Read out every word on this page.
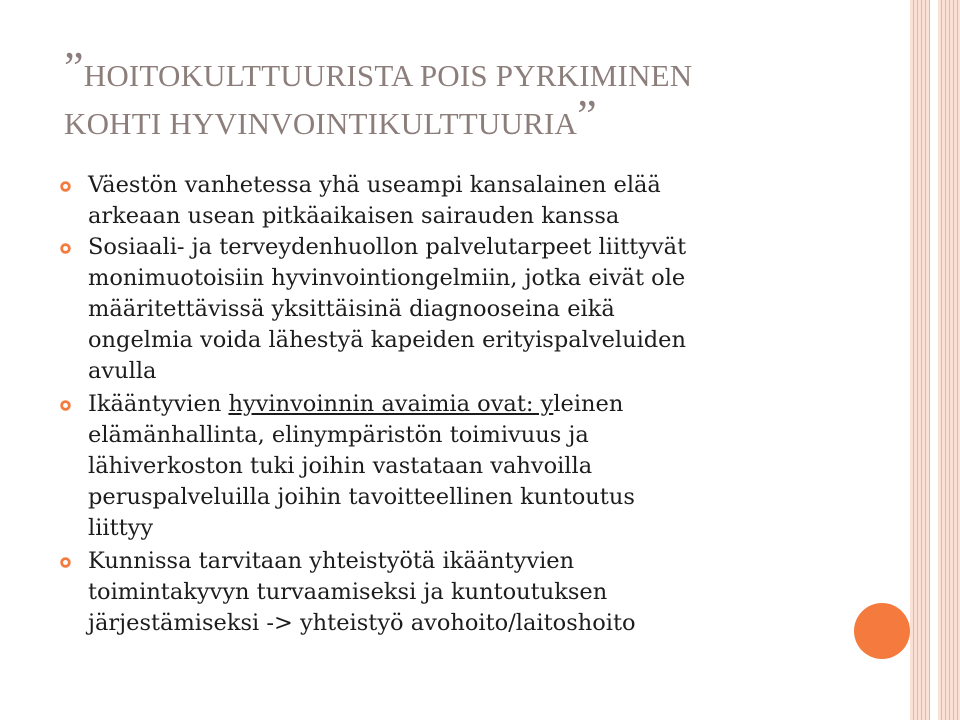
”HOITOKULTTUURISTA POIS PYRKIMINEN
KOHTI HYVINVOINTIKULTTUURIA”
Väestön vanhetessa yhä useampi kansalainen elää
arkeaan usean pitkäaikaisen sairauden kanssa
Sosiaali- ja terveydenhuollon palvelutarpeet liittyvät
monimuotoisiin hyvinvointiongelmiin, jotka eivät ole
määritettävissä yksittäisinä diagnooseina eikä
ongelmia voida lähestyä kapeiden erityispalveluiden
avulla
Ikääntyvien hyvinvoinnin avaimia ovat: yleinen
elämänhallinta, elinympäristön toimivuus ja
lähiverkoston tuki joihin vastataan vahvoilla
peruspalveluilla joihin tavoitteellinen kuntoutus
liittyy
Kunnissa tarvitaan yhteistyötä ikääntyvien
toimintakyvyn turvaamiseksi ja kuntoutuksen
järjestämiseksi -> yhteistyö avohoito/laitoshoito
